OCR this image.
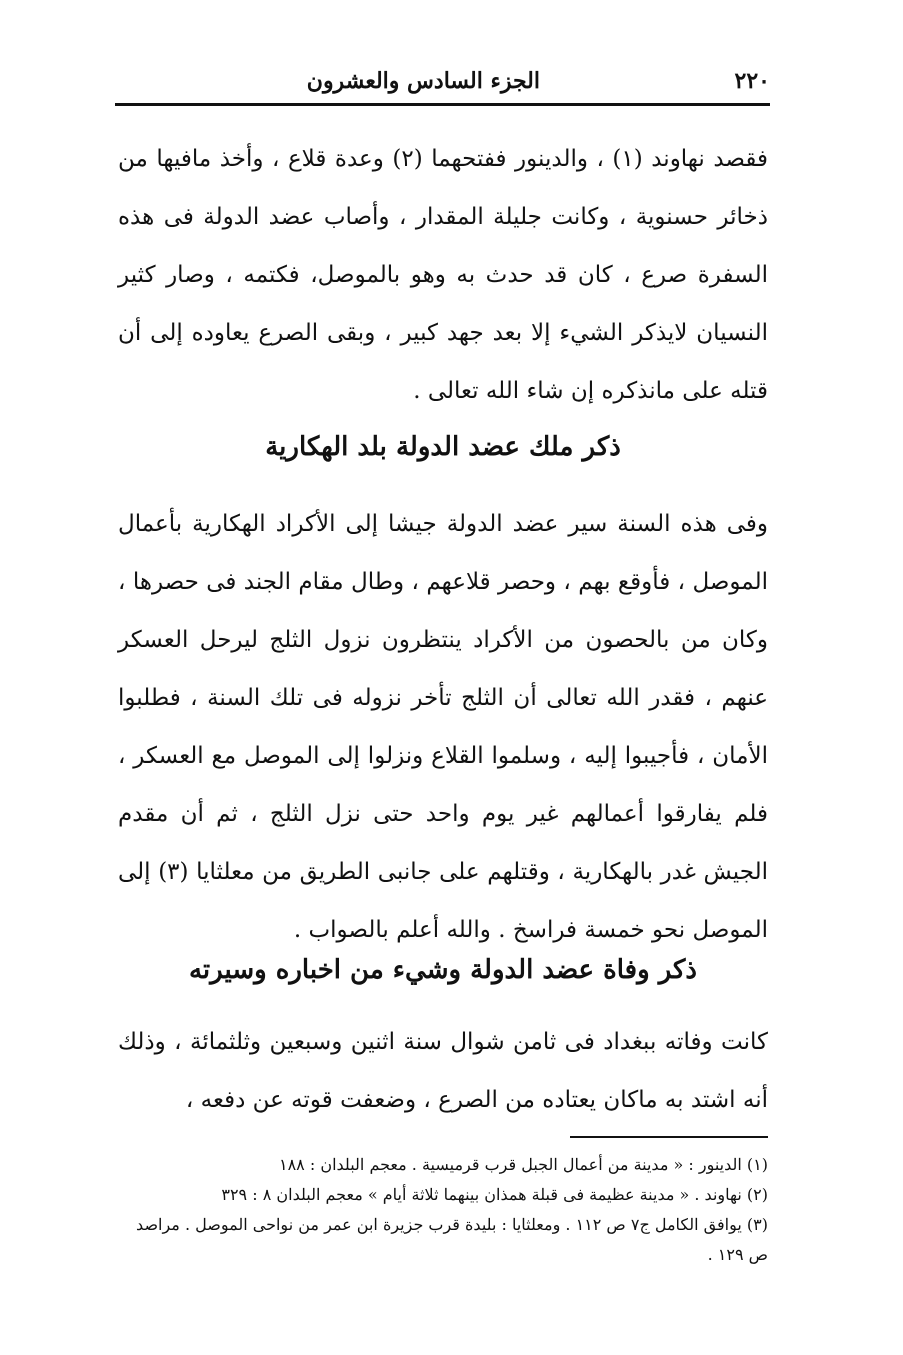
٢٢٠
الجزء السادس والعشرون
فقصد نهاوند (١) ، والدينور ففتحهما (٢) وعدة قلاع ، وأخذ مافيها من ذخائر حسنوية ، وكانت جليلة المقدار ، وأصاب عضد الدولة فى هذه السفرة صرع ، كان قد حدث به وهو بالموصل، فكتمه ، وصار كثير النسيان لايذكر الشيء إلا بعد جهد كبير ، وبقى الصرع يعاوده إلى أن قتله على مانذكره إن شاء الله تعالى .
ذكر ملك عضد الدولة بلد الهكارية
وفى هذه السنة سير عضد الدولة جيشا إلى الأكراد الهكارية بأعمال الموصل ، فأوقع بهم ، وحصر قلاعهم ، وطال مقام الجند فى حصرها ، وكان من بالحصون من الأكراد ينتظرون نزول الثلج ليرحل العسكر عنهم ، فقدر الله تعالى أن الثلج تأخر نزوله فى تلك السنة ، فطلبوا الأمان ، فأجيبوا إليه ، وسلموا القلاع ونزلوا إلى الموصل مع العسكر ، فلم يفارقوا أعمالهم غير يوم واحد حتى نزل الثلج ، ثم أن مقدم الجيش غدر بالهكارية ، وقتلهم على جانبى الطريق من معلثايا (٣) إلى الموصل نحو خمسة فراسخ . والله أعلم بالصواب .
ذكر وفاة عضد الدولة وشيء من اخباره وسيرته
كانت وفاته ببغداد فى ثامن شوال سنة اثنين وسبعين وثلثمائة ، وذلك أنه اشتد به ماكان يعتاده من الصرع ، وضعفت قوته عن دفعه ،
(١) الدينور : « مدينة من أعمال الجبل قرب قرميسية . معجم البلدان : ١٨٨
(٢) نهاوند . « مدينة عظيمة فى قبلة همذان بينهما ثلاثة أيام » معجم البلدان ٨ : ٣٢٩
(٣) يوافق الكامل ج٧ ص ١١٢ . ومعلثايا : بليدة قرب جزيرة ابن عمر من نواحى الموصل . مراصد ص ١٢٩ .
